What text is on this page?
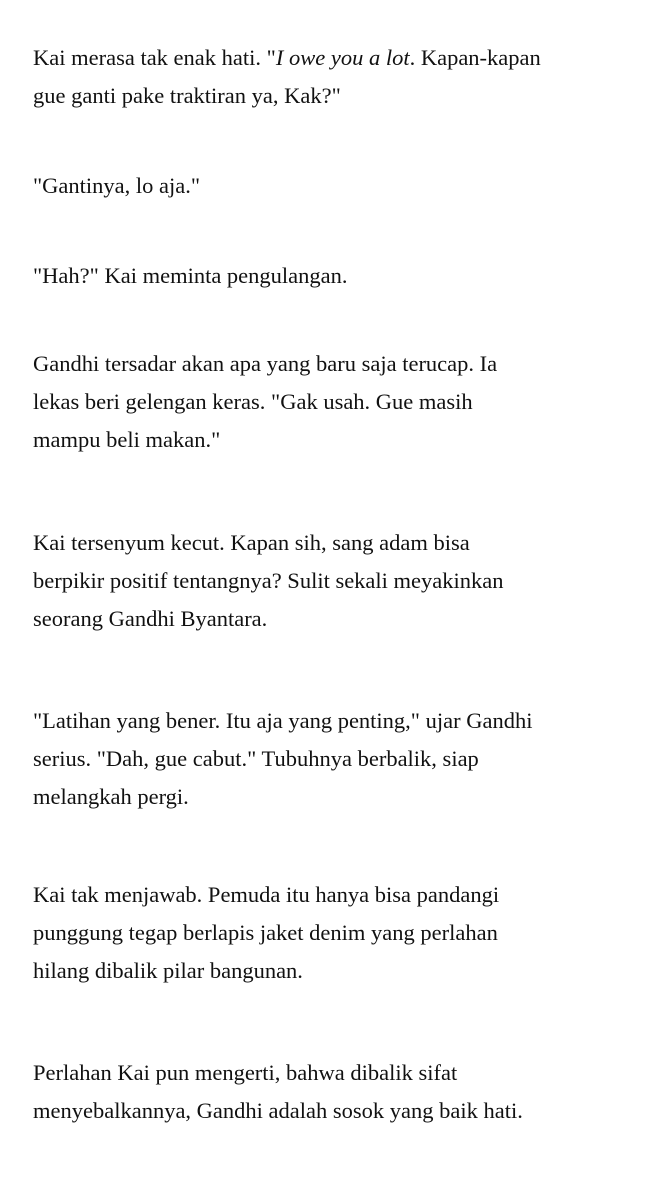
Kai merasa tak enak hati. "I owe you a lot. Kapan-kapan
gue ganti pake traktiran ya, Kak?"

"Gantinya, lo aja."

"Hah?" Kai meminta pengulangan.

Gandhi tersadar akan apa yang baru saja terucap. Ia
lekas beri gelengan keras. "Gak usah. Gue masih
mampu beli makan."

Kai tersenyum kecut. Kapan sih, sang adam bisa
berpikir positif tentangnya? Sulit sekali meyakinkan
seorang Gandhi Byantara.

"Latihan yang bener. Itu aja yang penting," ujar Gandhi
serius. "Dah, gue cabut." Tubuhnya berbalik, siap
melangkah pergi.

Kai tak menjawab. Pemuda itu hanya bisa pandangi
punggung tegap berlapis jaket denim yang perlahan
hilang dibalik pilar bangunan.

Perlahan Kai pun mengerti, bahwa dibalik sifat
menyebalkannya, Gandhi adalah sosok yang baik hati.
